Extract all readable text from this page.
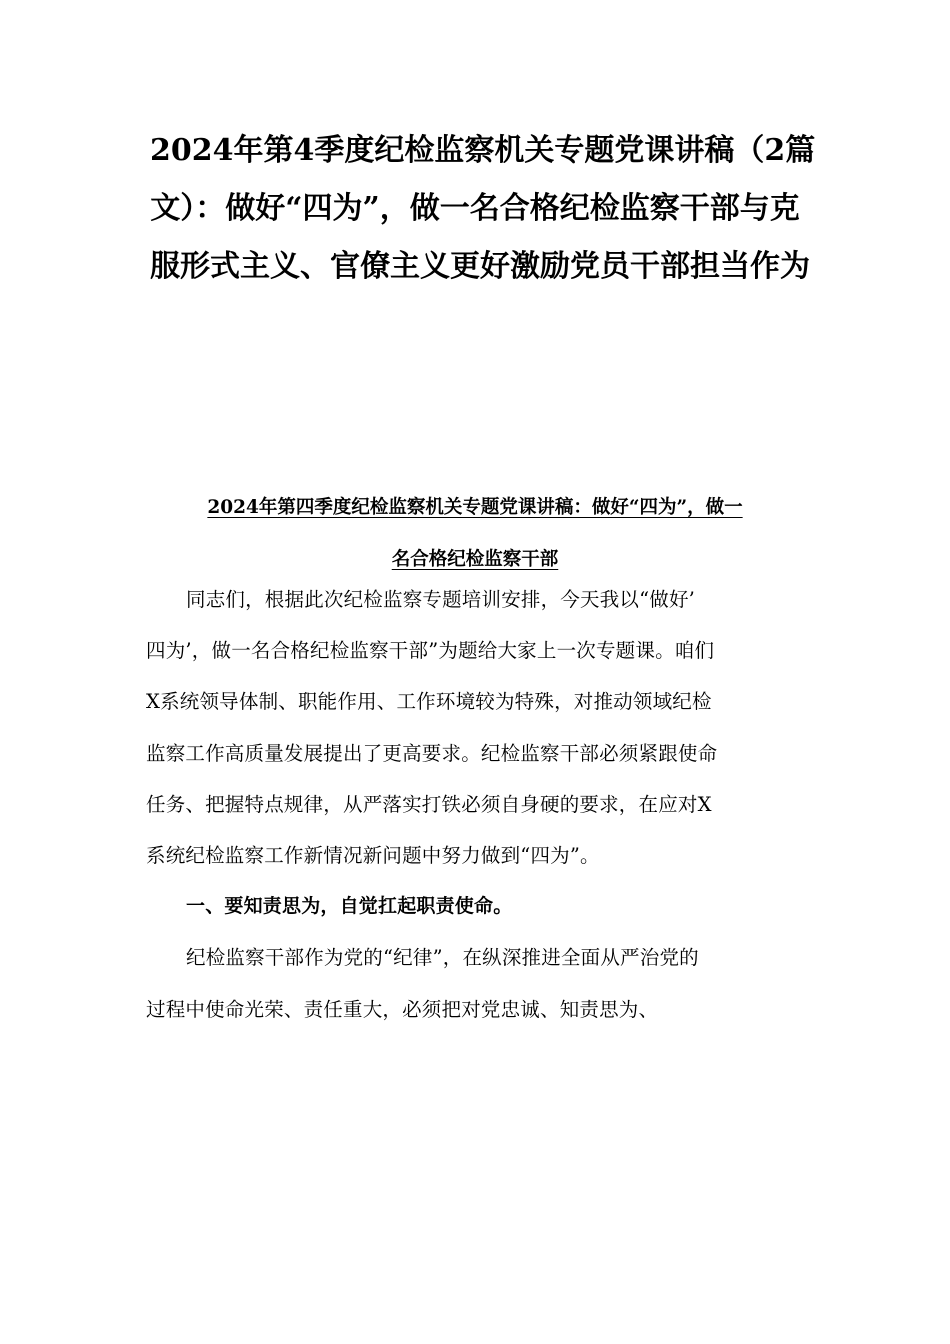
2024年第4季度纪检监察机关专题党课讲稿（2篇
文）：做好“四为”，做一名合格纪检监察干部与克
服形式主义、官僚主义更好激励党员干部担当作为
2024年第四季度纪检监察机关专题党课讲稿：做好“四为”，做一
名合格纪检监察干部
同志们，根据此次纪检监察专题培训安排，今天我以“做好’
四为’，做一名合格纪检监察干部”为题给大家上一次专题课。咱们
X系统领导体制、职能作用、工作环境较为特殊，对推动领域纪检
监察工作高质量发展提出了更高要求。纪检监察干部必须紧跟使命
任务、把握特点规律，从严落实打铁必须自身硬的要求，在应对X
系统纪检监察工作新情况新问题中努力做到“四为”。
一、要知责思为，自觉扛起职责使命。
纪检监察干部作为党的“纪律”，在纵深推进全面从严治党的
过程中使命光荣、责任重大，必须把对党忠诚、知责思为、
